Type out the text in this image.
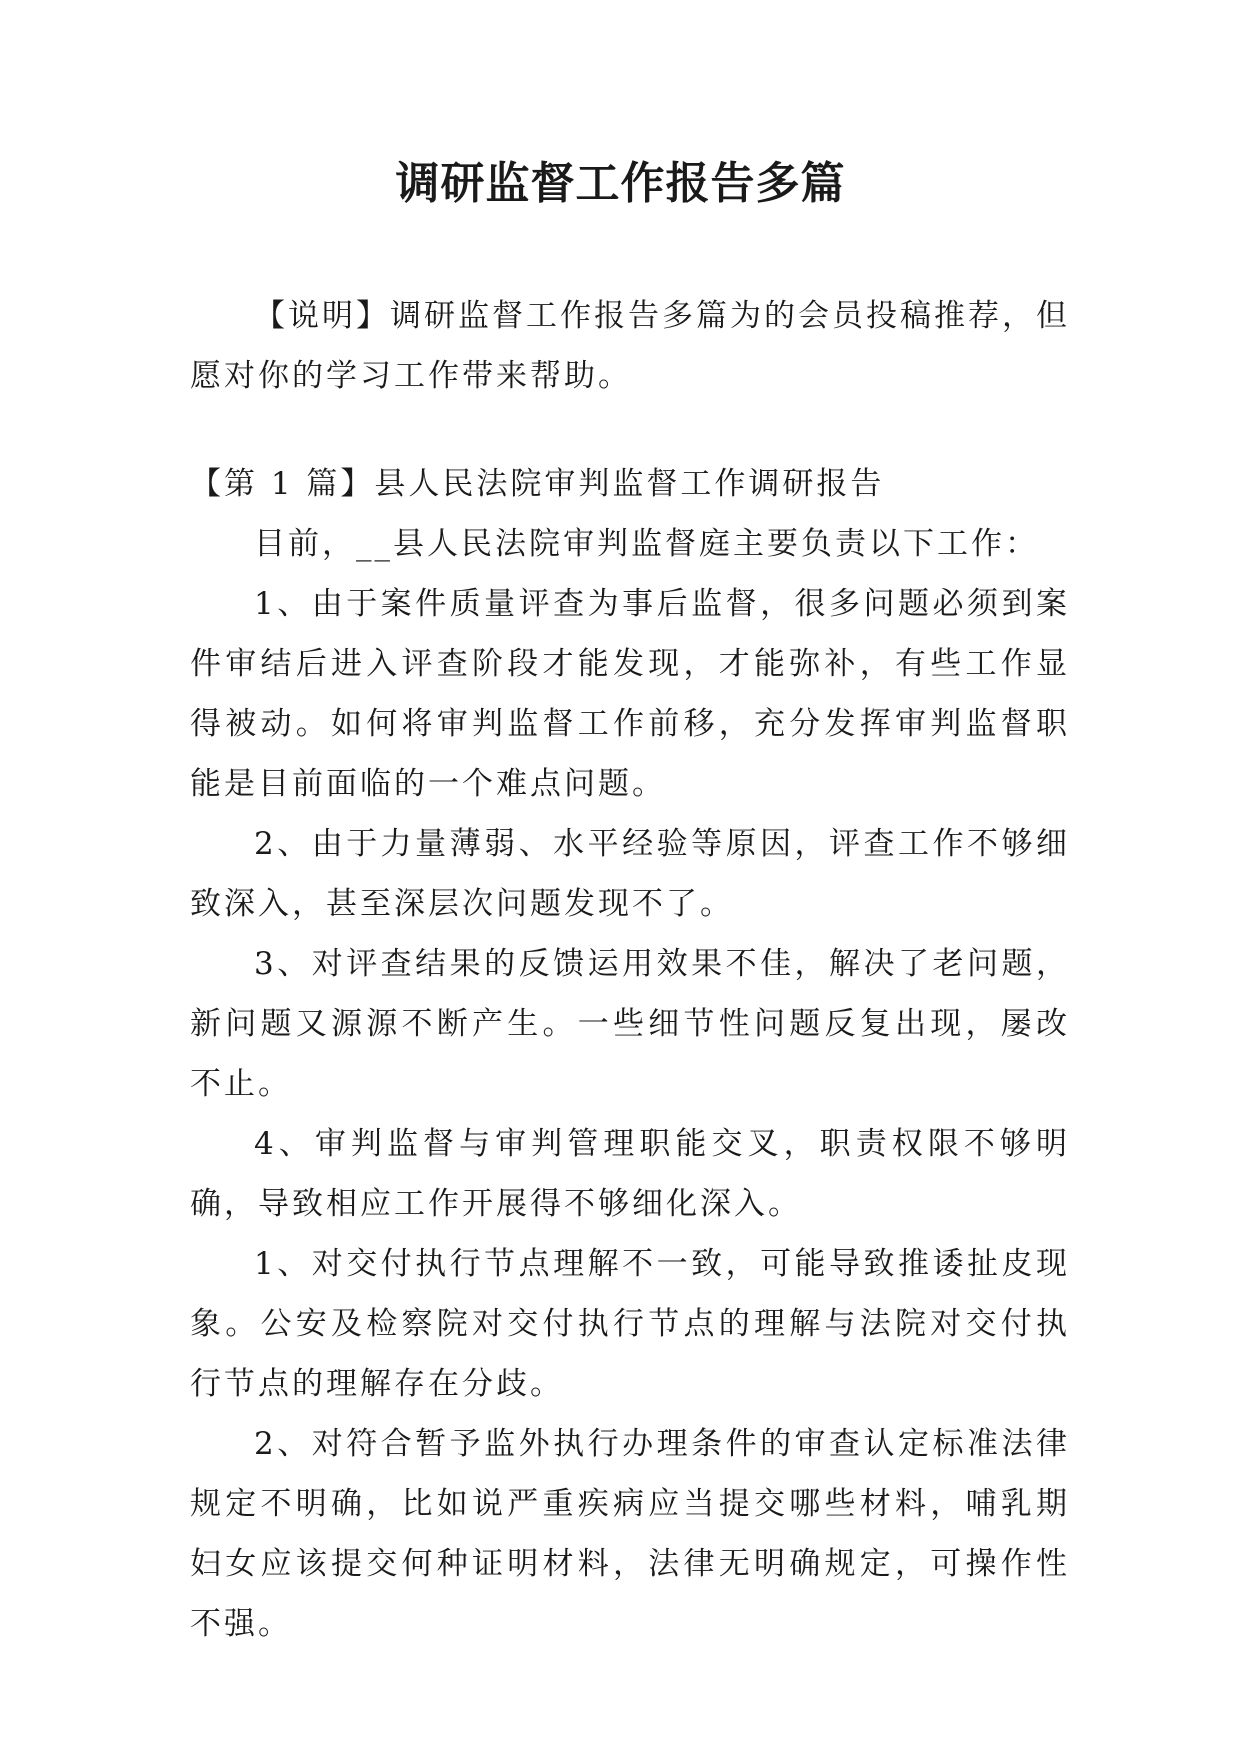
调研监督工作报告多篇

【说明】调研监督工作报告多篇为的会员投稿推荐，但愿对你的学习工作带来帮助。

【第 1 篇】县人民法院审判监督工作调研报告

目前，__县人民法院审判监督庭主要负责以下工作：

1、由于案件质量评查为事后监督，很多问题必须到案件审结后进入评查阶段才能发现，才能弥补，有些工作显得被动。如何将审判监督工作前移，充分发挥审判监督职能是目前面临的一个难点问题。

2、由于力量薄弱、水平经验等原因，评查工作不够细致深入，甚至深层次问题发现不了。

3、对评查结果的反馈运用效果不佳，解决了老问题，新问题又源源不断产生。一些细节性问题反复出现，屡改不止。

4、审判监督与审判管理职能交叉，职责权限不够明确，导致相应工作开展得不够细化深入。

1、对交付执行节点理解不一致，可能导致推诿扯皮现象。公安及检察院对交付执行节点的理解与法院对交付执行节点的理解存在分歧。

2、对符合暂予监外执行办理条件的审查认定标准法律规定不明确，比如说严重疾病应当提交哪些材料，哺乳期妇女应该提交何种证明材料，法律无明确规定，可操作性不强。
